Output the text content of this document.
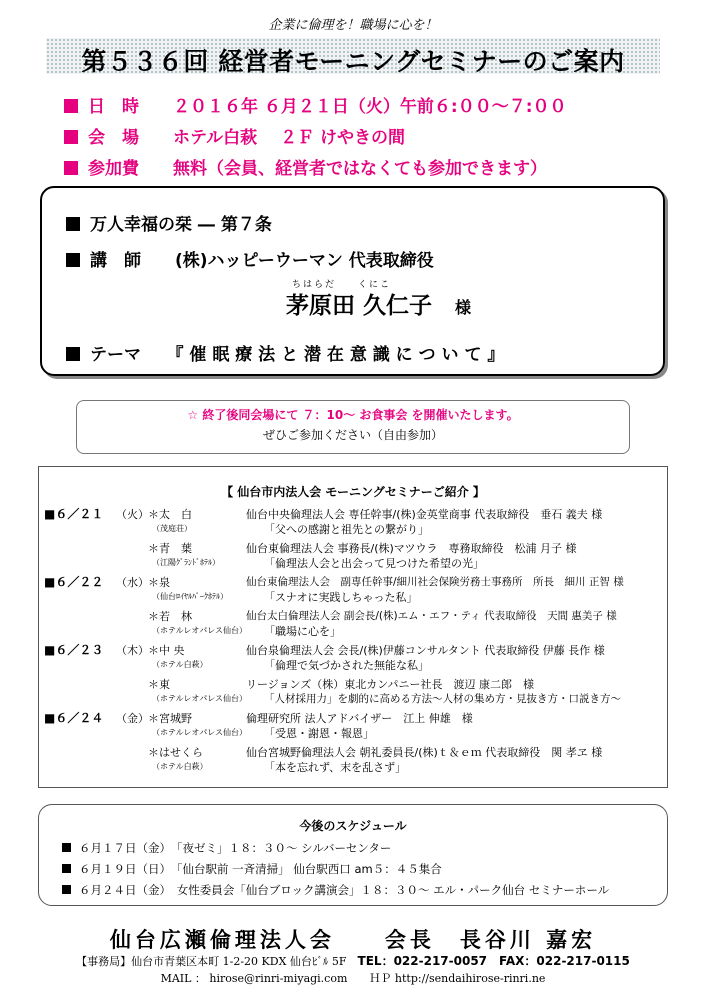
企業に倫理を！職場に心を！
第５３６回 経営者モーニングセミナーのご案内
日　時　　 ２０１６年 ６月２１日（火）午前６:００～７:００
会　場　　 ホテル白萩　 ２Ｆ けやきの間
参加費　　 無料（会員、経営者ではなくても参加できます）
万人幸福の栞 ― 第７条
講　師　　 (株)ハッピーウーマン 代表取締役
ちはらだ　　くにこ
茅原田 久仁子　 様
テーマ　　 『 催 眠 療 法 と 潜 在 意 識 に つ い て 』
☆ 終了後同会場にて ７：10～ お食事会 を開催いたします。
ぜひご参加ください（自由参加）
【 仙台市内法人会 モーニングセミナーご紹介 】
■６／２１ （火） ＊太　白	仙台中央倫理法人会 専任幹事/(株)金英堂商事 代表取締役　垂石 義夫 様
（茂庭荘）	「父への感謝と祖先との繋がり」
＊青　葉	仙台東倫理法人会 事務長/(株)マツウラ　専務取締役　松浦 月子 様
（江陽ｸﾞﾗﾝﾄﾞﾎﾃﾙ）	「倫理法人会と出会って見つけた希望の光」
■６／２２ （水） ＊泉	仙台東倫理法人会　副専任幹事/細川社会保険労務士事務所　所長　細川 正智 様
（仙台ﾛｲﾔﾙﾊﾟｰｸﾎﾃﾙ）	「スナオに実践しちゃった私」
＊若　林	仙台太白倫理法人会 副会長/(株)エム・エフ・ティ 代表取締役　天間 惠美子 様
（ホテルレオパレス仙台） 「職場に心を」
■６／２３ （木） ＊中 央	仙台泉倫理法人会 会長/(株)伊藤コンサルタント 代表取締役 伊藤 長作 様
（ホテル白萩）	「倫理で気づかされた無能な私」
＊東	リージョンズ（株）東北カンパニー社長　渡辺 康二郎　様
（ホテルレオパレス仙台） 「人材採用力」を劇的に高める方法～人材の集め方・見抜き方・口説き方～
■６／２４ （金） ＊宮城野	倫理研究所 法人アドバイザー　江上 伸雄　様
（ホテルレオパレス仙台） 「受恩・謝恩・報恩」
＊はせくら	仙台宮城野倫理法人会 朝礼委員長/(株)ｔ＆ｅｍ 代表取締役　関 孝ヱ 様
（ホテル白萩）	「本を忘れず、末を乱さず」
今後のスケジュール
６月１７日（金）　「夜ゼミ」１８：３０～ シルバーセンター
６月１９日（日）　「仙台駅前 一斉清掃」 仙台駅西口 am５：４５集合
６月２４日（金）　女性委員会「仙台ブロック講演会」１８：３０～ エル・パーク仙台 セミナーホール
仙台広瀬倫理法人会　　 会長　長谷川 嘉宏
【事務局】仙台市青葉区本町 1-2-20 KDX 仙台ﾋﾞﾙ 5F　 TEL：022-217-0057　FAX：022-217-0115
MAIL ： hirose@rinri-miyagi.com　　ＨＰ http://sendaihirose-rinri.ne
